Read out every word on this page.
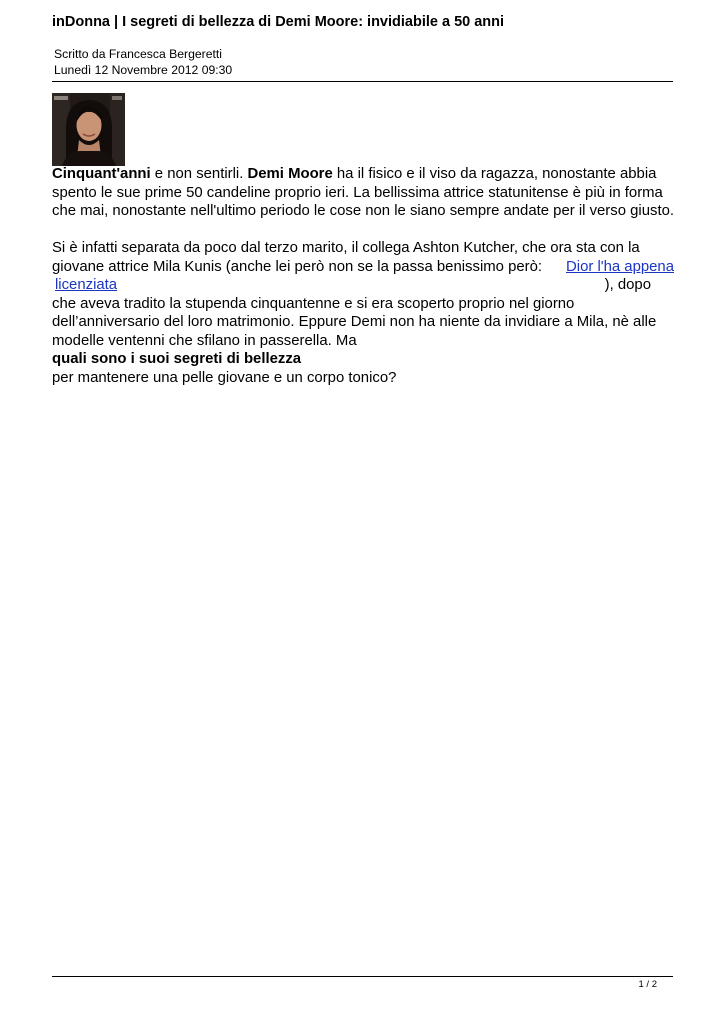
inDonna | I segreti di bellezza di Demi Moore: invidiabile a 50 anni
Scritto da Francesca Bergeretti
Lunedì 12 Novembre 2012 09:30
Cinquant'anni e non sentirli. Demi Moore ha il fisico e il viso da ragazza, nonostante abbia
spento le sue prime 50 candeline proprio ieri. La bellissima attrice statunitense è più in forma
che mai, nonostante nell'ultimo periodo le cose non le siano sempre andate per il verso giusto.
Si è infatti separata da poco dal terzo marito, il collega Ashton Kutcher, che ora sta con la
giovane attrice Mila Kunis (anche lei però non se la passa benissimo però: Dior l'ha appena
licenziata	), dopo
che aveva tradito la stupenda cinquantenne e si era scoperto proprio nel giorno
dell’anniversario del loro matrimonio. Eppure Demi non ha niente da invidiare a Mila, nè alle
modelle ventenni che sfilano in passerella. Ma
quali sono i suoi segreti di bellezza
per mantenere una pelle giovane e un corpo tonico?
1 / 2
